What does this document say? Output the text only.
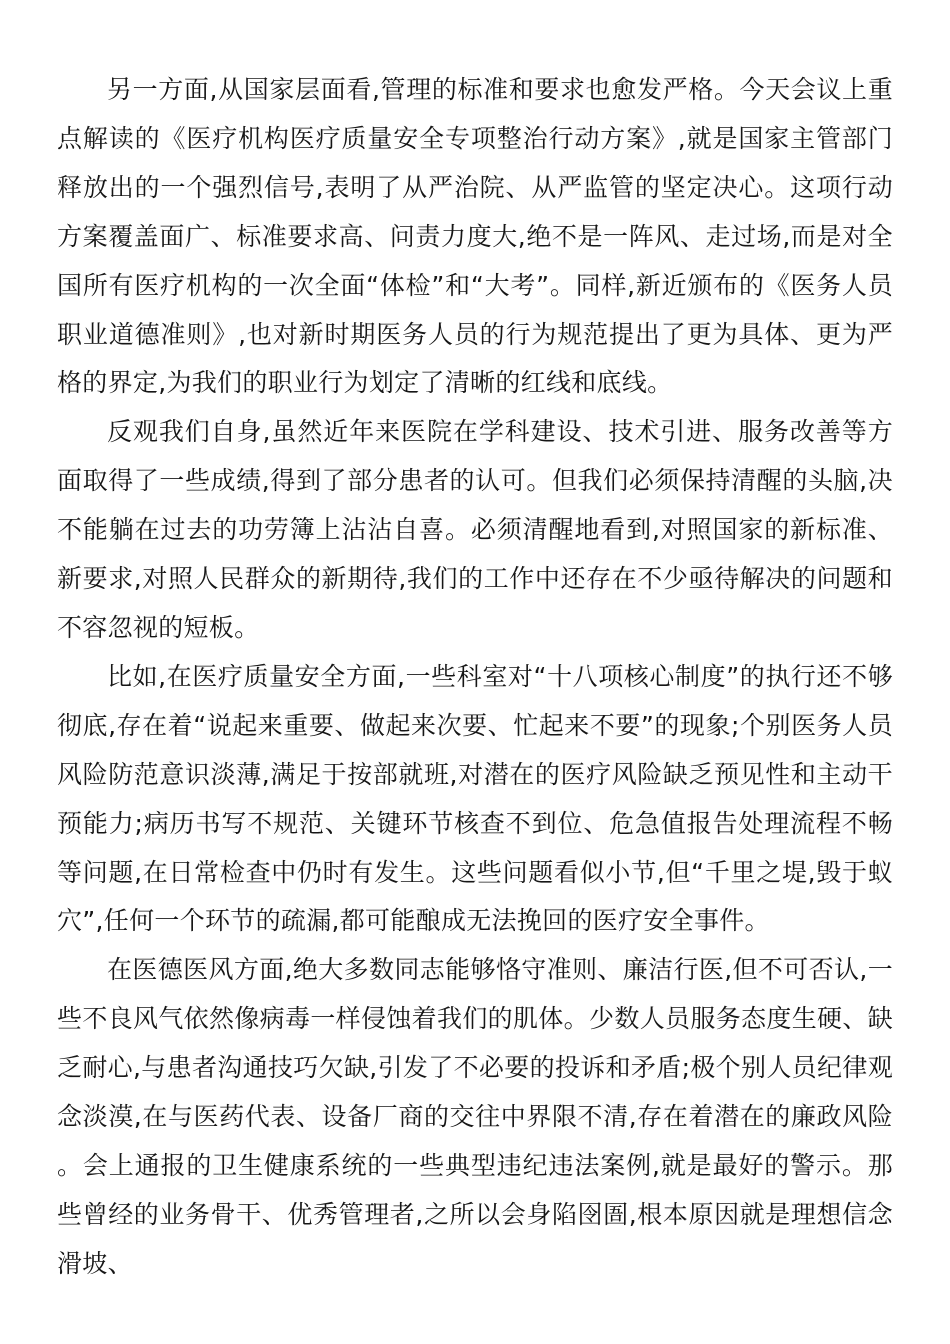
另一方面,从国家层面看,管理的标准和要求也愈发严格。今天会议上重点解读的《医疗机构医疗质量安全专项整治行动方案》,就是国家主管部门释放出的一个强烈信号,表明了从严治院、从严监管的坚定决心。这项行动方案覆盖面广、标准要求高、问责力度大,绝不是一阵风、走过场,而是对全国所有医疗机构的一次全面“体检”和“大考”。同样,新近颁布的《医务人员职业道德准则》,也对新时期医务人员的行为规范提出了更为具体、更为严格的界定,为我们的职业行为划定了清晰的红线和底线。

反观我们自身,虽然近年来医院在学科建设、技术引进、服务改善等方面取得了一些成绩,得到了部分患者的认可。但我们必须保持清醒的头脑,决不能躺在过去的功劳簿上沾沾自喜。必须清醒地看到,对照国家的新标准、新要求,对照人民群众的新期待,我们的工作中还存在不少亟待解决的问题和不容忽视的短板。

比如,在医疗质量安全方面,一些科室对“十八项核心制度”的执行还不够彻底,存在着“说起来重要、做起来次要、忙起来不要”的现象;个别医务人员风险防范意识淡薄,满足于按部就班,对潜在的医疗风险缺乏预见性和主动干预能力;病历书写不规范、关键环节核查不到位、危急值报告处理流程不畅等问题,在日常检查中仍时有发生。这些问题看似小节,但“千里之堤,毁于蚁穴”,任何一个环节的疏漏,都可能酿成无法挽回的医疗安全事件。

在医德医风方面,绝大多数同志能够恪守准则、廉洁行医,但不可否认,一些不良风气依然像病毒一样侵蚀着我们的肌体。少数人员服务态度生硬、缺乏耐心,与患者沟通技巧欠缺,引发了不必要的投诉和矛盾;极个别人员纪律观念淡漠,在与医药代表、设备厂商的交往中界限不清,存在着潜在的廉政风险。会上通报的卫生健康系统的一些典型违纪违法案例,就是最好的警示。那些曾经的业务骨干、优秀管理者,之所以会身陷囹圄,根本原因就是理想信念滑坡、
